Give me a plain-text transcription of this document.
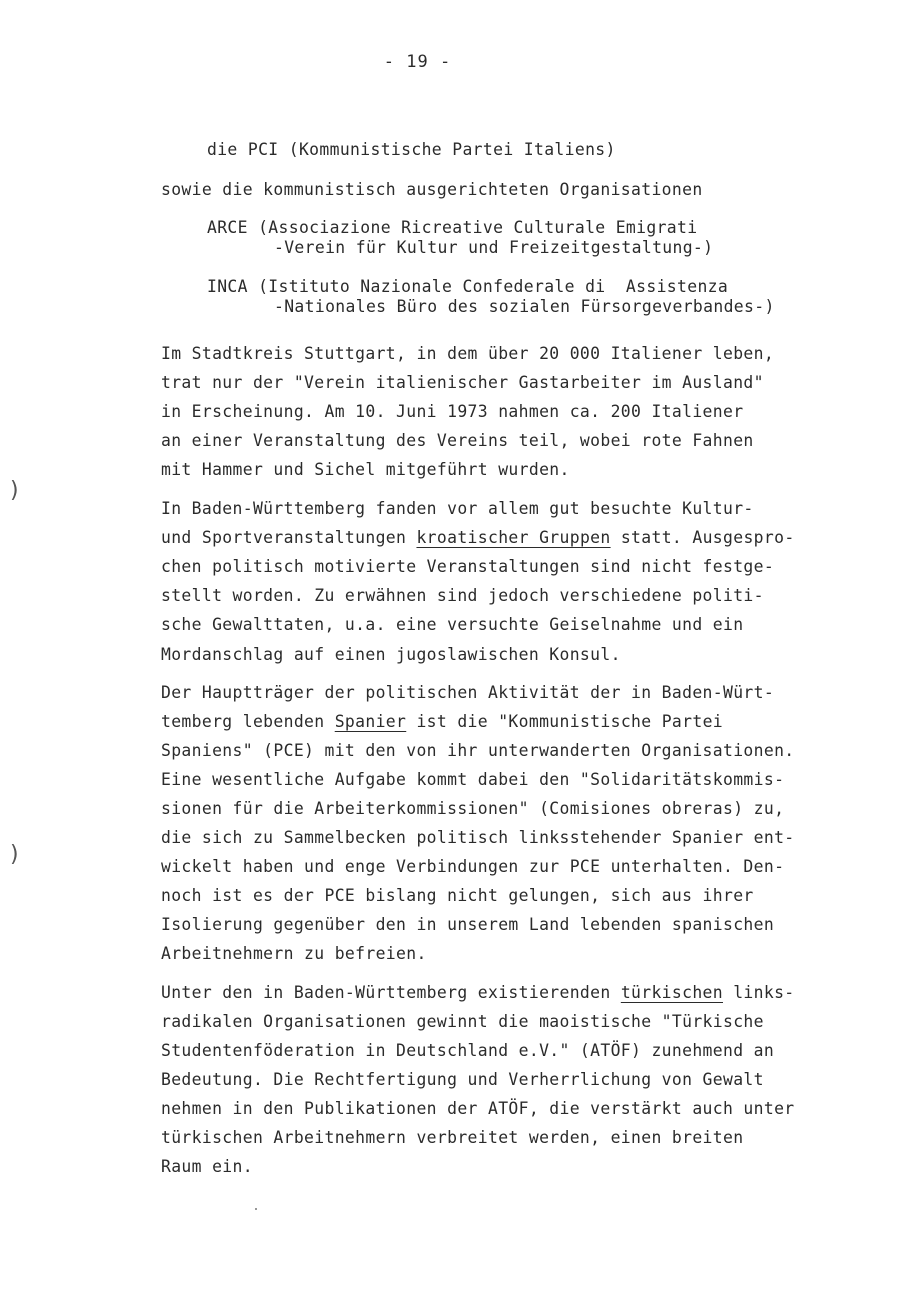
- 19 -
die PCI (Kommunistische Partei Italiens)
sowie die kommunistisch ausgerichteten Organisationen
ARCE (Associazione Ricreative Culturale Emigrati
-Verein für Kultur und Freizeitgestaltung-)
INCA (Istituto Nazionale Confederale di  Assistenza
-Nationales Büro des sozialen Fürsorgeverbandes-)
Im Stadtkreis Stuttgart, in dem über 20 000 Italiener leben,
trat nur der "Verein italienischer Gastarbeiter im Ausland"
in Erscheinung. Am 10. Juni 1973 nahmen ca. 200 Italiener
an einer Veranstaltung des Vereins teil, wobei rote Fahnen
mit Hammer und Sichel mitgeführt wurden.
In Baden-Württemberg fanden vor allem gut besuchte Kultur-
und Sportveranstaltungen kroatischer Gruppen statt. Ausgespro-
chen politisch motivierte Veranstaltungen sind nicht festge-
stellt worden. Zu erwähnen sind jedoch verschiedene politi-
sche Gewalttaten, u.a. eine versuchte Geiselnahme und ein
Mordanschlag auf einen jugoslawischen Konsul.
Der Hauptträger der politischen Aktivität der in Baden-Würt-
temberg lebenden Spanier ist die "Kommunistische Partei
Spaniens" (PCE) mit den von ihr unterwanderten Organisationen.
Eine wesentliche Aufgabe kommt dabei den "Solidaritätskommis-
sionen für die Arbeiterkommissionen" (Comisiones obreras) zu,
die sich zu Sammelbecken politisch linksstehender Spanier ent-
wickelt haben und enge Verbindungen zur PCE unterhalten. Den-
noch ist es der PCE bislang nicht gelungen, sich aus ihrer
Isolierung gegenüber den in unserem Land lebenden spanischen
Arbeitnehmern zu befreien.
Unter den in Baden-Württemberg existierenden türkischen links-
radikalen Organisationen gewinnt die maoistische "Türkische
Studentenföderation in Deutschland e.V." (ATÖF) zunehmend an
Bedeutung. Die Rechtfertigung und Verherrlichung von Gewalt
nehmen in den Publikationen der ATÖF, die verstärkt auch unter
türkischen Arbeitnehmern verbreitet werden, einen breiten
Raum ein.
)
)
